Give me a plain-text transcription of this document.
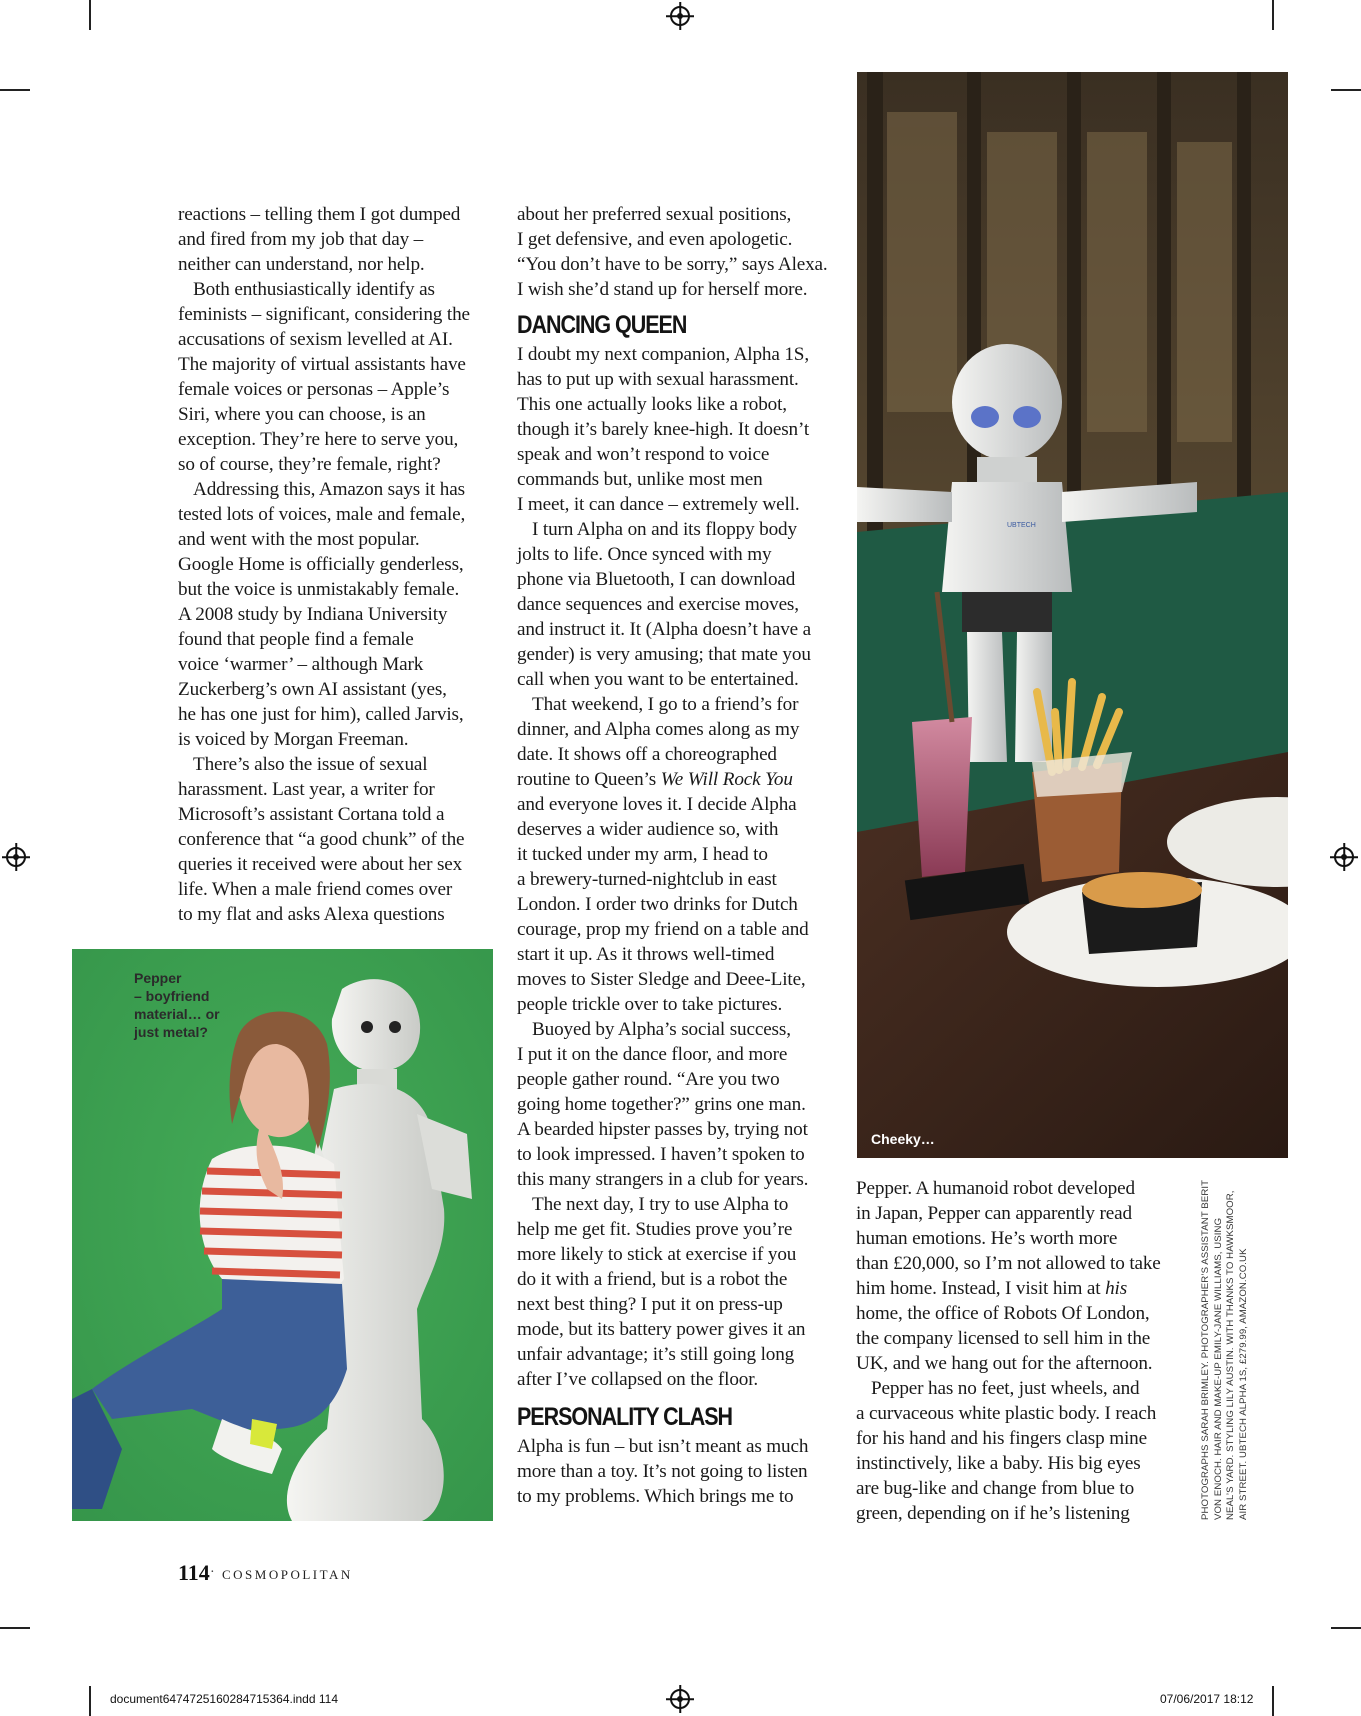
reactions – telling them I got dumped
and fired from my job that day –
neither can understand, nor help.
Both enthusiastically identify as
feminists – significant, considering the
accusations of sexism levelled at AI.
The majority of virtual assistants have
female voices or personas – Apple’s
Siri, where you can choose, is an
exception. They’re here to serve you,
so of course, they’re female, right?
Addressing this, Amazon says it has
tested lots of voices, male and female,
and went with the most popular.
Google Home is officially genderless,
but the voice is unmistakably female.
A 2008 study by Indiana University
found that people find a female
voice ‘warmer’ – although Mark
Zuckerberg’s own AI assistant (yes,
he has one just for him), called Jarvis,
is voiced by Morgan Freeman.
There’s also the issue of sexual
harassment. Last year, a writer for
Microsoft’s assistant Cortana told a
conference that “a good chunk” of the
queries it received were about her sex
life. When a male friend comes over
to my flat and asks Alexa questions
about her preferred sexual positions,
I get defensive, and even apologetic.
“You don’t have to be sorry,” says Alexa.
I wish she’d stand up for herself more.
DANCING QUEEN
I doubt my next companion, Alpha 1S,
has to put up with sexual harassment.
This one actually looks like a robot,
though it’s barely knee-high. It doesn’t
speak and won’t respond to voice
commands but, unlike most men
I meet, it can dance – extremely well.
I turn Alpha on and its floppy body
jolts to life. Once synced with my
phone via Bluetooth, I can download
dance sequences and exercise moves,
and instruct it. It (Alpha doesn’t have a
gender) is very amusing; that mate you
call when you want to be entertained.
That weekend, I go to a friend’s for
dinner, and Alpha comes along as my
date. It shows off a choreographed
routine to Queen’s We Will Rock You
and everyone loves it. I decide Alpha
deserves a wider audience so, with
it tucked under my arm, I head to
a brewery-turned-nightclub in east
London. I order two drinks for Dutch
courage, prop my friend on a table and
start it up. As it throws well-timed
moves to Sister Sledge and Deee-Lite,
people trickle over to take pictures.
Buoyed by Alpha’s social success,
I put it on the dance floor, and more
people gather round. “Are you two
going home together?” grins one man.
A bearded hipster passes by, trying not
to look impressed. I haven’t spoken to
this many strangers in a club for years.
The next day, I try to use Alpha to
help me get fit. Studies prove you’re
more likely to stick at exercise if you
do it with a friend, but is a robot the
next best thing? I put it on press-up
mode, but its battery power gives it an
unfair advantage; it’s still going long
after I’ve collapsed on the floor.
PERSONALITY CLASH
Alpha is fun – but isn’t meant as much
more than a toy. It’s not going to listen
to my problems. Which brings me to
Pepper. A humanoid robot developed
in Japan, Pepper can apparently read
human emotions. He’s worth more
than £20,000, so I’m not allowed to take
him home. Instead, I visit him at his
home, the office of Robots Of London,
the company licensed to sell him in the
UK, and we hang out for the afternoon.
Pepper has no feet, just wheels, and
a curvaceous white plastic body. I reach
for his hand and his fingers clasp mine
instinctively, like a baby. His big eyes
are bug-like and change from blue to
green, depending on if he’s listening
Pepper
– boyfriend
material… or
just metal?
UBTECH
Cheeky…
PHOTOGRAPHS SARAH BRIMLEY. PHOTOGRAPHER’S ASSISTANT BERIT VON ENOCH. HAIR AND MAKE-UP EMILY-JANE WILLIAMS, USING NEAL’S YARD. STYLING LILY AUSTIN. WITH THANKS TO HAWKSMOOR, AIR STREET. UBTECH ALPHA 1S, £279.99, AMAZON.CO.UK
114 · COSMOPOLITAN
document6474725160284715364.indd 114	07/06/2017 18:12
